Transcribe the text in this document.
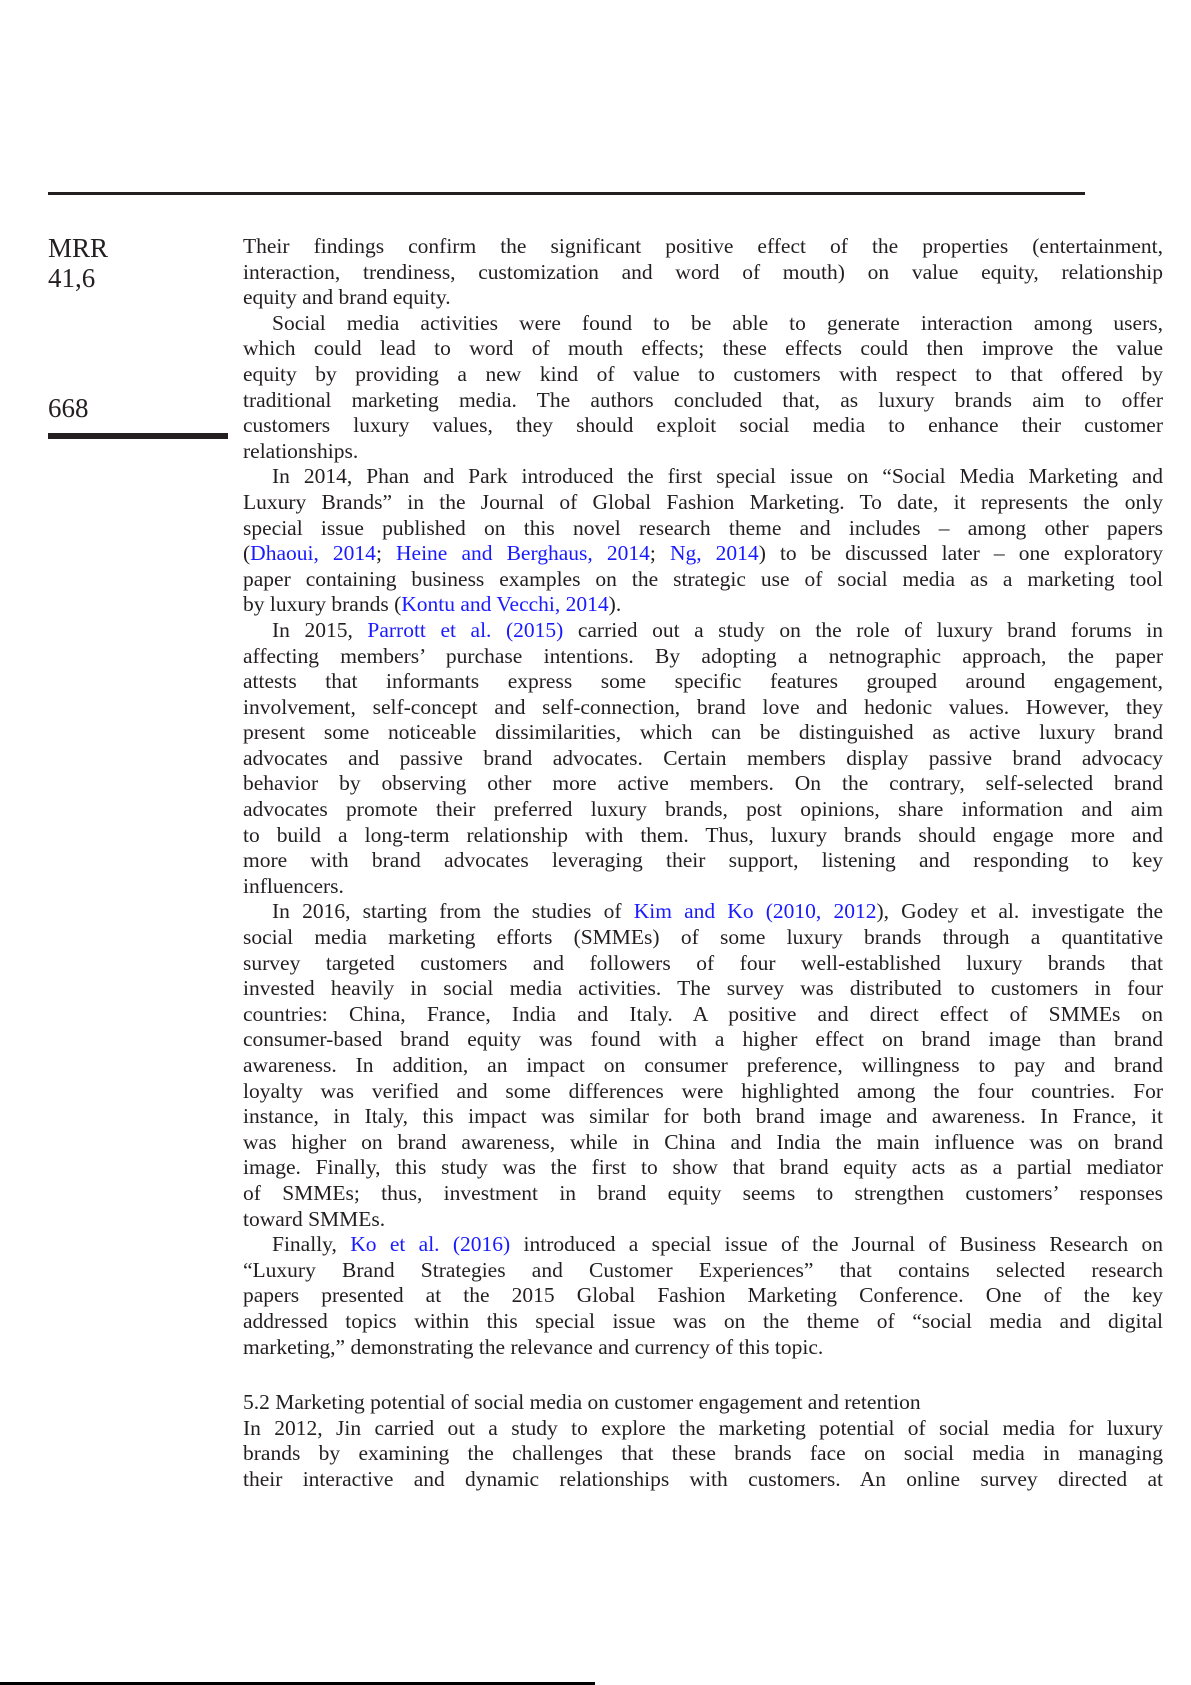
MRR
41,6
668
Their findings confirm the significant positive effect of the properties (entertainment,
interaction, trendiness, customization and word of mouth) on value equity, relationship
equity and brand equity.
Social media activities were found to be able to generate interaction among users,
which could lead to word of mouth effects; these effects could then improve the value
equity by providing a new kind of value to customers with respect to that offered by
traditional marketing media. The authors concluded that, as luxury brands aim to offer
customers luxury values, they should exploit social media to enhance their customer
relationships.
In 2014, Phan and Park introduced the first special issue on “Social Media Marketing and
Luxury Brands” in the Journal of Global Fashion Marketing. To date, it represents the only
special issue published on this novel research theme and includes – among other papers
(Dhaoui, 2014; Heine and Berghaus, 2014; Ng, 2014) to be discussed later – one exploratory
paper containing business examples on the strategic use of social media as a marketing tool
by luxury brands (Kontu and Vecchi, 2014).
In 2015, Parrott et al. (2015) carried out a study on the role of luxury brand forums in
affecting members’ purchase intentions. By adopting a netnographic approach, the paper
attests that informants express some specific features grouped around engagement,
involvement, self-concept and self-connection, brand love and hedonic values. However, they
present some noticeable dissimilarities, which can be distinguished as active luxury brand
advocates and passive brand advocates. Certain members display passive brand advocacy
behavior by observing other more active members. On the contrary, self-selected brand
advocates promote their preferred luxury brands, post opinions, share information and aim
to build a long-term relationship with them. Thus, luxury brands should engage more and
more with brand advocates leveraging their support, listening and responding to key
influencers.
In 2016, starting from the studies of Kim and Ko (2010, 2012), Godey et al. investigate the
social media marketing efforts (SMMEs) of some luxury brands through a quantitative
survey targeted customers and followers of four well-established luxury brands that
invested heavily in social media activities. The survey was distributed to customers in four
countries: China, France, India and Italy. A positive and direct effect of SMMEs on
consumer-based brand equity was found with a higher effect on brand image than brand
awareness. In addition, an impact on consumer preference, willingness to pay and brand
loyalty was verified and some differences were highlighted among the four countries. For
instance, in Italy, this impact was similar for both brand image and awareness. In France, it
was higher on brand awareness, while in China and India the main influence was on brand
image. Finally, this study was the first to show that brand equity acts as a partial mediator
of SMMEs; thus, investment in brand equity seems to strengthen customers’ responses
toward SMMEs.
Finally, Ko et al. (2016) introduced a special issue of the Journal of Business Research on
“Luxury Brand Strategies and Customer Experiences” that contains selected research
papers presented at the 2015 Global Fashion Marketing Conference. One of the key
addressed topics within this special issue was on the theme of “social media and digital
marketing,” demonstrating the relevance and currency of this topic.
5.2 Marketing potential of social media on customer engagement and retention
In 2012, Jin carried out a study to explore the marketing potential of social media for luxury
brands by examining the challenges that these brands face on social media in managing
their interactive and dynamic relationships with customers. An online survey directed at
